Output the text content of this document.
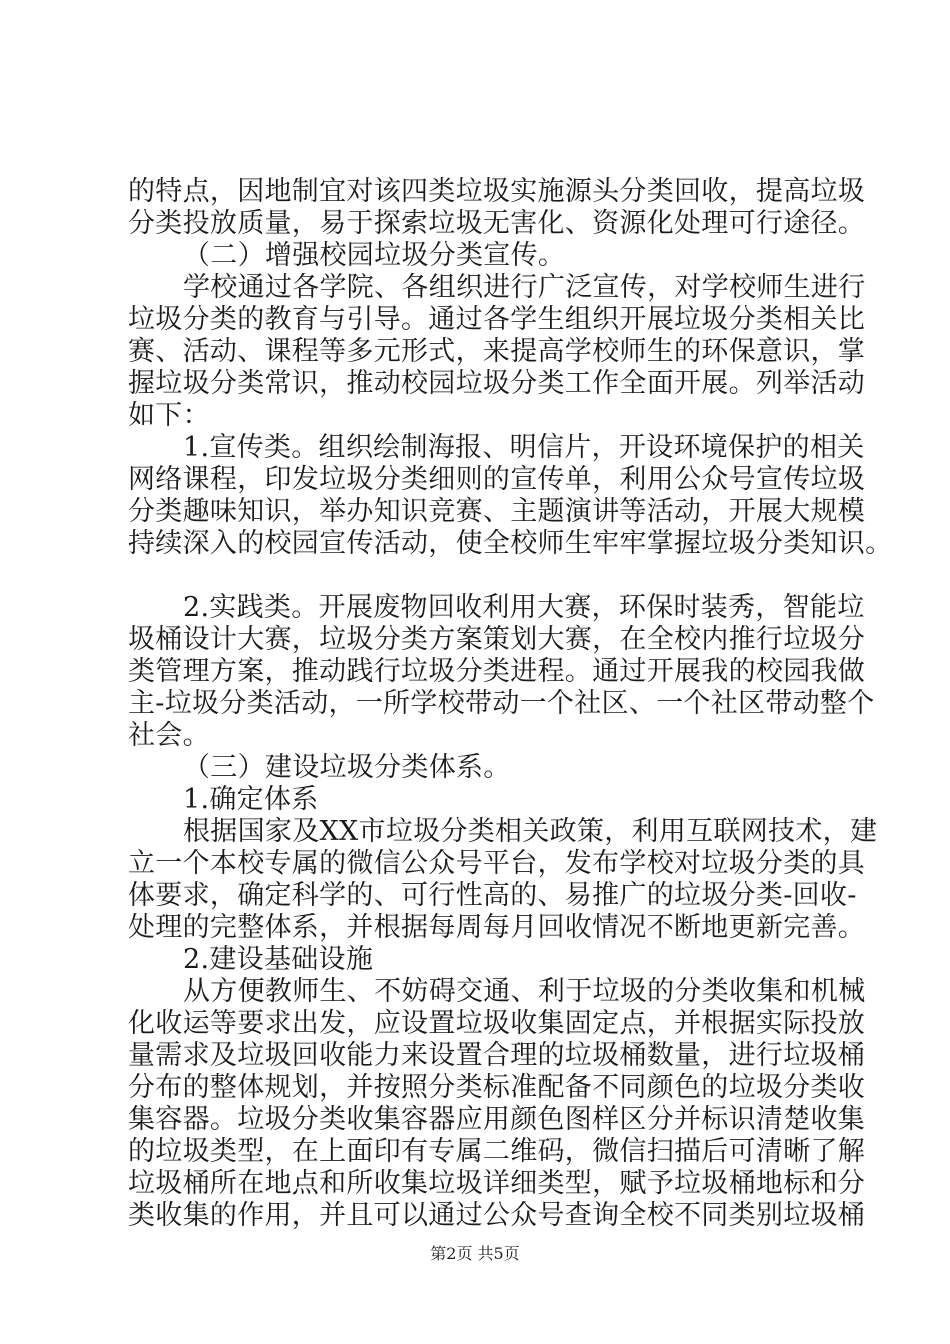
的特点，因地制宜对该四类垃圾实施源头分类回收，提高垃圾
分类投放质量，易于探索垃圾无害化、资源化处理可行途径。
（二）增强校园垃圾分类宣传。
学校通过各学院、各组织进行广泛宣传，对学校师生进行
垃圾分类的教育与引导。通过各学生组织开展垃圾分类相关比
赛、活动、课程等多元形式，来提高学校师生的环保意识，掌
握垃圾分类常识，推动校园垃圾分类工作全面开展。列举活动
如下：
1.宣传类。组织绘制海报、明信片，开设环境保护的相关
网络课程，印发垃圾分类细则的宣传单，利用公众号宣传垃圾
分类趣味知识，举办知识竞赛、主题演讲等活动，开展大规模
持续深入的校园宣传活动，使全校师生牢牢掌握垃圾分类知识。
2.实践类。开展废物回收利用大赛，环保时装秀，智能垃
圾桶设计大赛，垃圾分类方案策划大赛，在全校内推行垃圾分
类管理方案，推动践行垃圾分类进程。通过开展我的校园我做
主-垃圾分类活动，一所学校带动一个社区、一个社区带动整个
社会。
（三）建设垃圾分类体系。
1.确定体系
根据国家及XX市垃圾分类相关政策，利用互联网技术，建
立一个本校专属的微信公众号平台，发布学校对垃圾分类的具
体要求，确定科学的、可行性高的、易推广的垃圾分类-回收-
处理的完整体系，并根据每周每月回收情况不断地更新完善。
2.建设基础设施
从方便教师生、不妨碍交通、利于垃圾的分类收集和机械
化收运等要求出发，应设置垃圾收集固定点，并根据实际投放
量需求及垃圾回收能力来设置合理的垃圾桶数量，进行垃圾桶
分布的整体规划，并按照分类标准配备不同颜色的垃圾分类收
集容器。垃圾分类收集容器应用颜色图样区分并标识清楚收集
的垃圾类型，在上面印有专属二维码，微信扫描后可清晰了解
垃圾桶所在地点和所收集垃圾详细类型，赋予垃圾桶地标和分
类收集的作用，并且可以通过公众号查询全校不同类别垃圾桶
第2页 共5页
